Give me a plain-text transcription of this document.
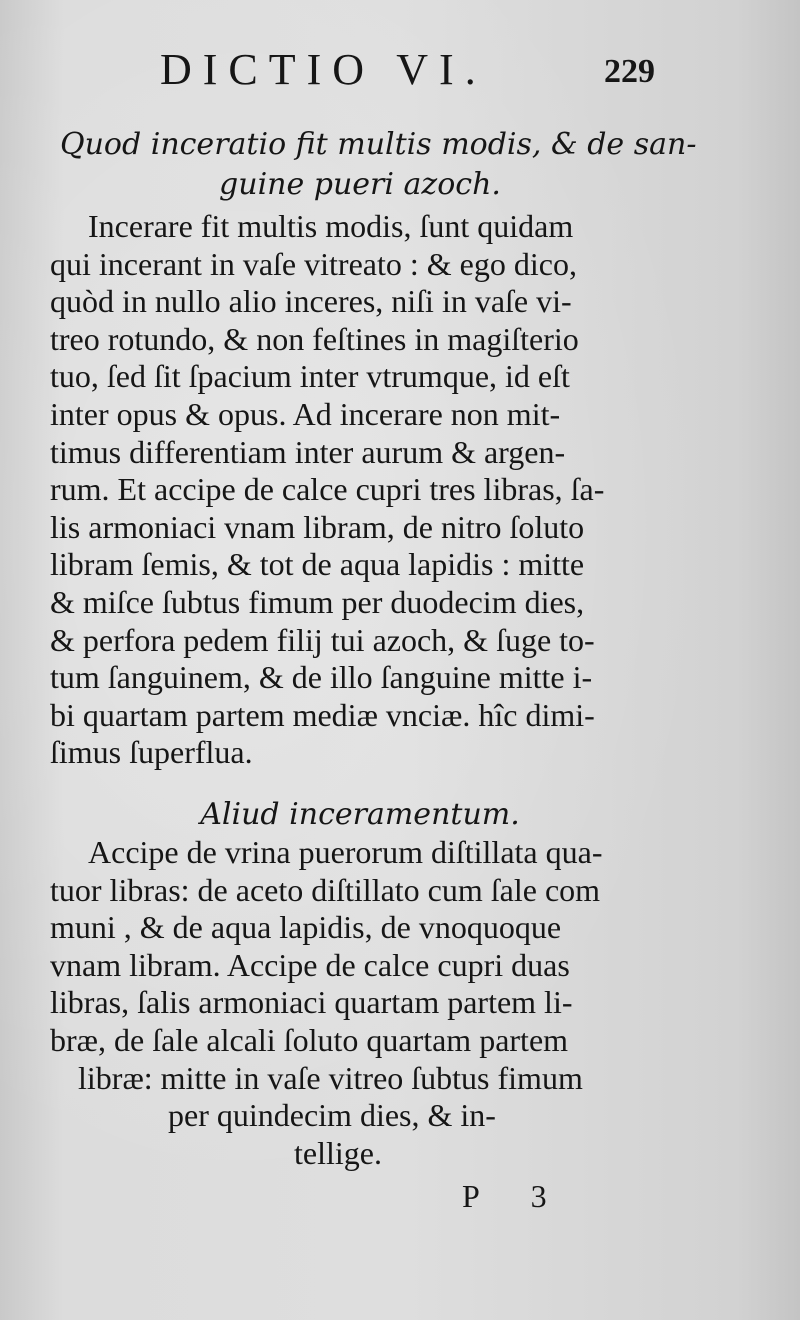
DICTIO VI.	229
Quod inceratio fit multis modis, & de san-
guine pueri azoch.
Incerare fit multis modis, ſunt quidam
qui incerant in vaſe vitreato : & ego dico,
quòd in nullo alio inceres, niſi in vaſe vi-
treo rotundo, & non feſtines in magiſterio
tuo, ſed ſit ſpacium inter vtrumque, id eſt
inter opus & opus. Ad incerare non mit-
timus differentiam inter aurum & argen-
rum. Et accipe de calce cupri tres libras, ſa-
lis armoniaci vnam libram, de nitro ſoluto
libram ſemis, & tot de aqua lapidis : mitte
& miſce ſubtus fimum per duodecim dies,
& perfora pedem filij tui azoch, & ſuge to-
tum ſanguinem, & de illo ſanguine mitte i-
bi quartam partem mediæ vnciæ. hîc dimi-
ſimus ſuperflua.
Aliud inceramentum.
Accipe de vrina puerorum diſtillata qua-
tuor libras: de aceto diſtillato cum ſale com
muni , & de aqua lapidis, de vnoquoque
vnam libram. Accipe de calce cupri duas
libras, ſalis armoniaci quartam partem li-
bræ, de ſale alcali ſoluto quartam partem
libræ: mitte in vaſe vitreo ſubtus fimum
per quindecim dies, & in-
tellige.
P 3
